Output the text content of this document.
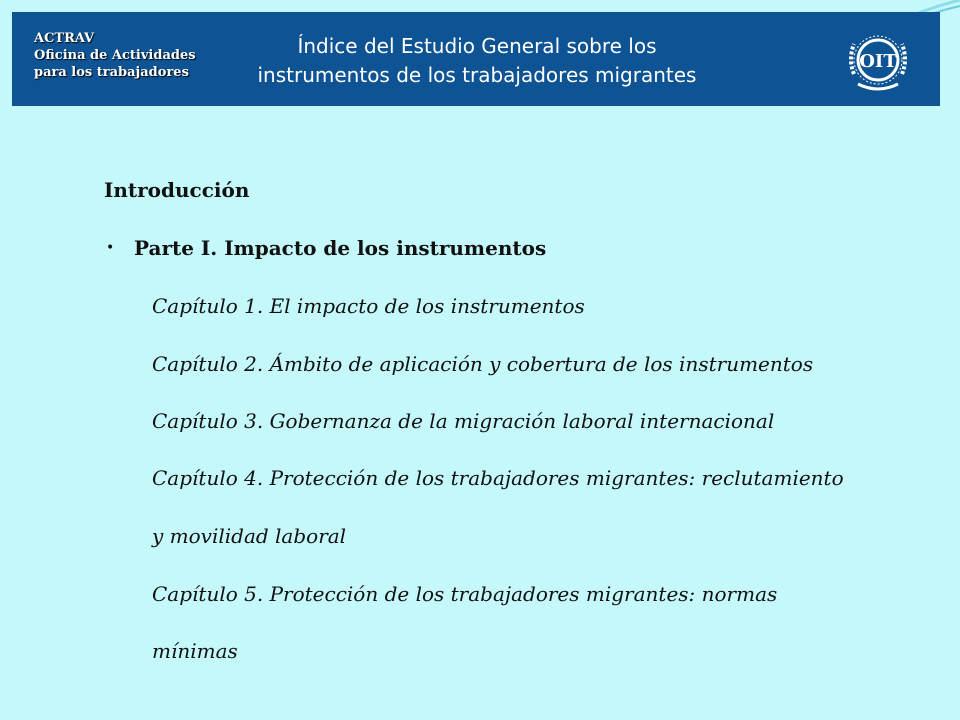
ACTRAV
Oficina de Actividades
para los trabajadores
Índice del Estudio General sobre los
instrumentos de los trabajadores migrantes
OIT
Introducción
• Parte I. Impacto de los instrumentos
Capítulo 1. El impacto de los instrumentos
Capítulo 2. Ámbito de aplicación y cobertura de los instrumentos
Capítulo 3. Gobernanza de la migración laboral internacional
Capítulo 4. Protección de los trabajadores migrantes: reclutamiento
y movilidad laboral
Capítulo 5. Protección de los trabajadores migrantes: normas
mínimas
